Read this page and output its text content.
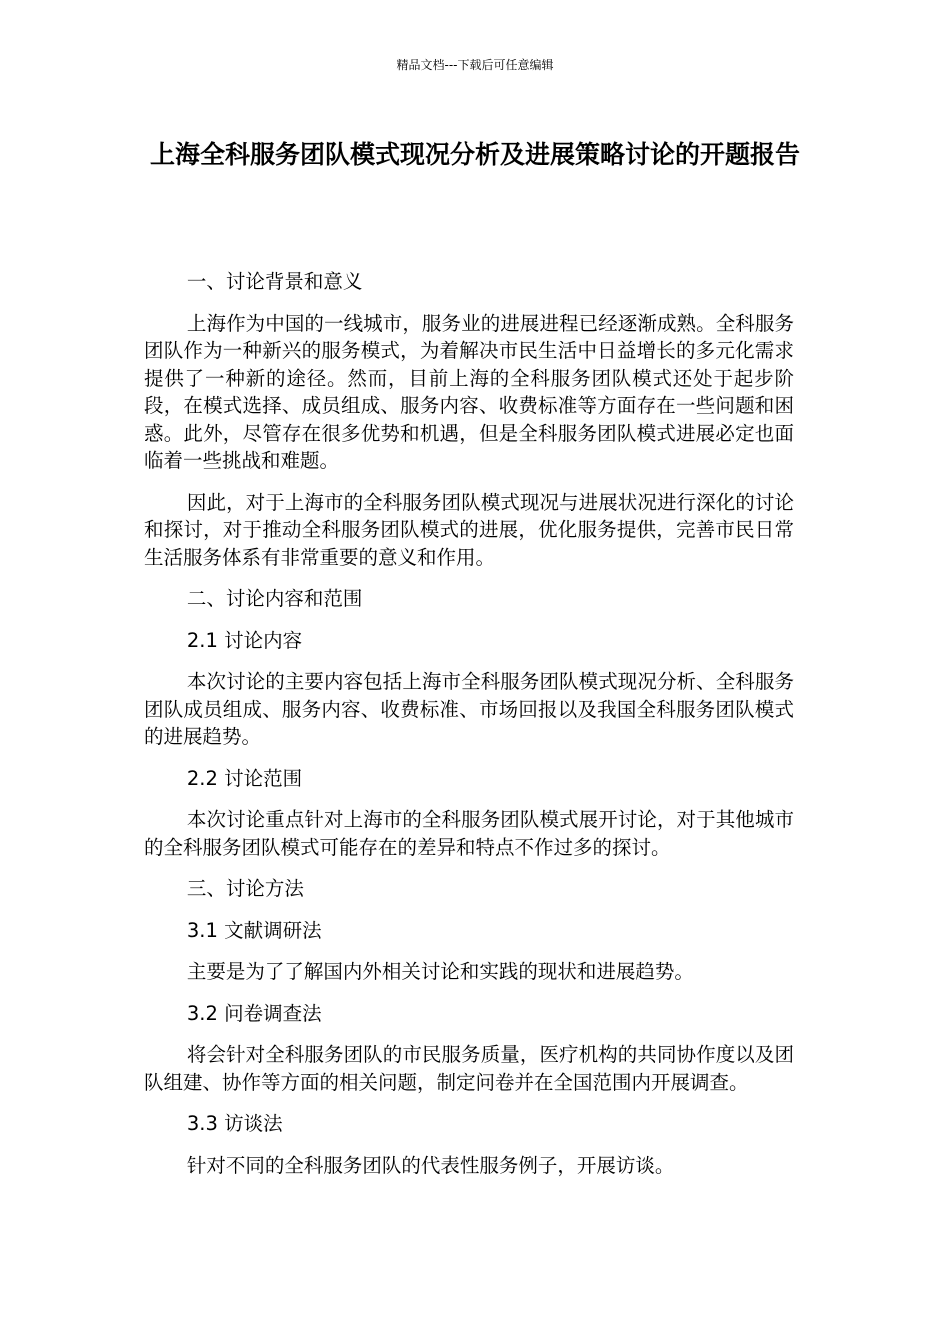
精品文档---下载后可任意编辑
上海全科服务团队模式现况分析及进展策略讨论的开题报告

一、讨论背景和意义

上海作为中国的一线城市，服务业的进展进程已经逐渐成熟。全科服务团队作为一种新兴的服务模式，为着解决市民生活中日益增长的多元化需求提供了一种新的途径。然而，目前上海的全科服务团队模式还处于起步阶段，在模式选择、成员组成、服务内容、收费标准等方面存在一些问题和困惑。此外，尽管存在很多优势和机遇，但是全科服务团队模式进展必定也面临着一些挑战和难题。

因此，对于上海市的全科服务团队模式现况与进展状况进行深化的讨论和探讨，对于推动全科服务团队模式的进展，优化服务提供，完善市民日常生活服务体系有非常重要的意义和作用。

二、讨论内容和范围

2.1 讨论内容

本次讨论的主要内容包括上海市全科服务团队模式现况分析、全科服务团队成员组成、服务内容、收费标准、市场回报以及我国全科服务团队模式的进展趋势。

2.2 讨论范围

本次讨论重点针对上海市的全科服务团队模式展开讨论，对于其他城市的全科服务团队模式可能存在的差异和特点不作过多的探讨。

三、讨论方法

3.1 文献调研法

主要是为了了解国内外相关讨论和实践的现状和进展趋势。

3.2 问卷调查法

将会针对全科服务团队的市民服务质量，医疗机构的共同协作度以及团队组建、协作等方面的相关问题，制定问卷并在全国范围内开展调查。

3.3 访谈法

针对不同的全科服务团队的代表性服务例子，开展访谈。
